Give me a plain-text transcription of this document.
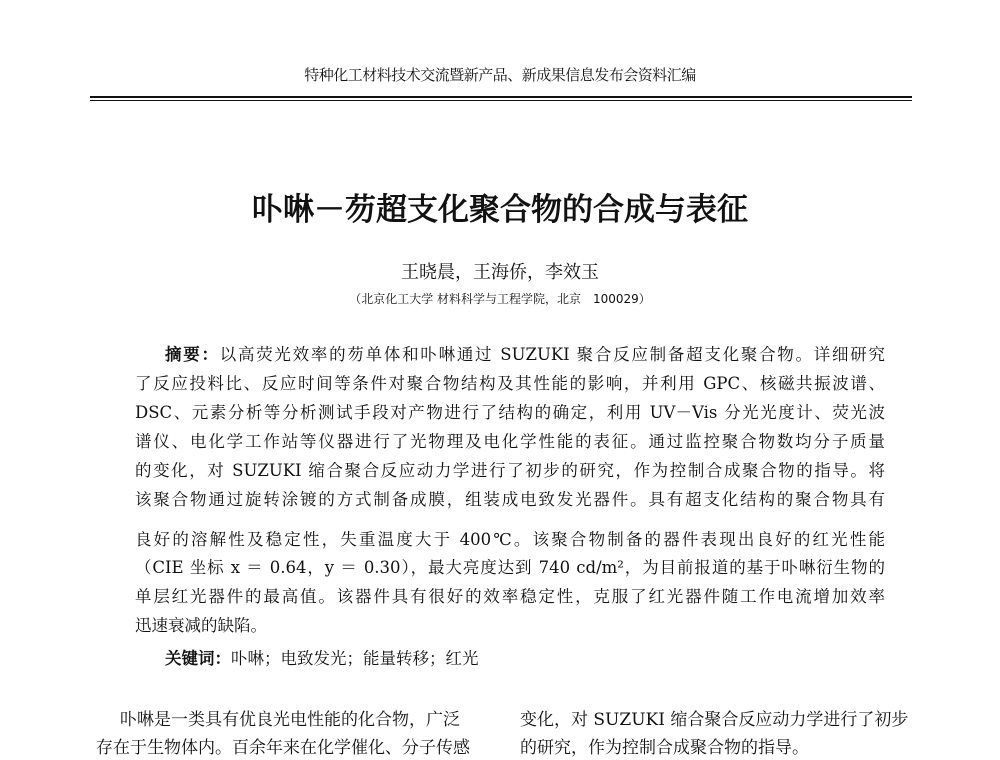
特种化工材料技术交流暨新产品、新成果信息发布会资料汇编
卟啉－芴超支化聚合物的合成与表征
王晓晨，王海侨，李效玉
（北京化工大学 材料科学与工程学院，北京　100029）
摘要：以高荧光效率的芴单体和卟啉通过 SUZUKI 聚合反应制备超支化聚合物。详细研究
了反应投料比、反应时间等条件对聚合物结构及其性能的影响，并利用 GPC、核磁共振波谱、
DSC、元素分析等分析测试手段对产物进行了结构的确定，利用 UV－Vis 分光光度计、荧光波
谱仪、电化学工作站等仪器进行了光物理及电化学性能的表征。通过监控聚合物数均分子质量
的变化，对 SUZUKI 缩合聚合反应动力学进行了初步的研究，作为控制合成聚合物的指导。将
该聚合物通过旋转涂镀的方式制备成膜，组装成电致发光器件。具有超支化结构的聚合物具有
良好的溶解性及稳定性，失重温度大于 400℃。该聚合物制备的器件表现出良好的红光性能
（CIE 坐标 x ＝ 0.64，y ＝ 0.30），最大亮度达到 740 cd/m²，为目前报道的基于卟啉衍生物的
单层红光器件的最高值。该器件具有很好的效率稳定性，克服了红光器件随工作电流增加效率
迅速衰减的缺陷。
关键词：卟啉；电致发光；能量转移；红光
卟啉是一类具有优良光电性能的化合物，广泛
存在于生物体内。百余年来在化学催化、分子传感
变化，对 SUZUKI 缩合聚合反应动力学进行了初步
的研究，作为控制合成聚合物的指导。
